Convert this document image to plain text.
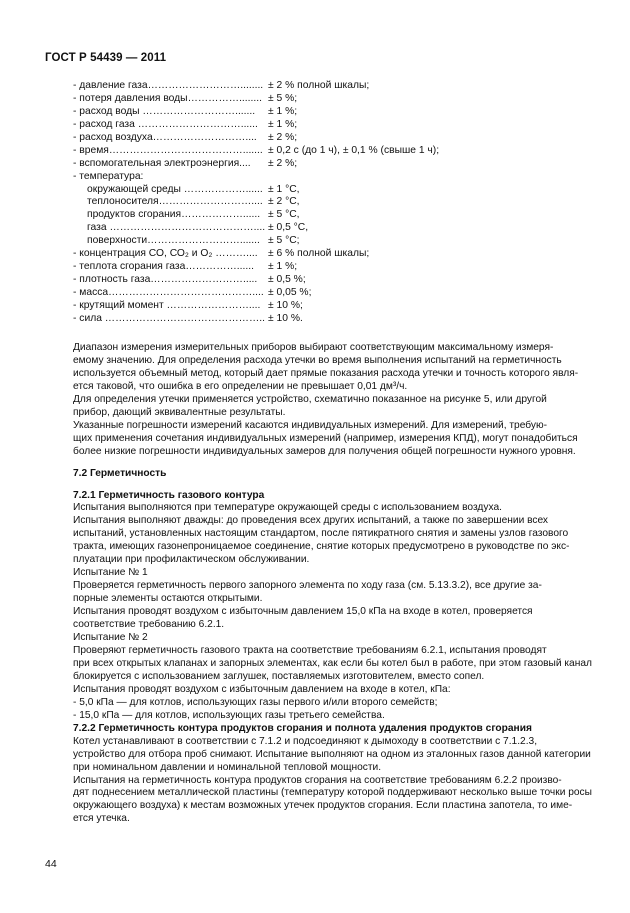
ГОСТ Р 54439 — 2011
- давление газа………………………........ ± 2 % полной шкалы;
- потеря давления воды……………........ ± 5 %;
- расход воды ………………………....... ± 1 %;
- расход газа …………………………...... ± 1 %;
- расход воздуха……………………….... ± 2 %;
- время…………………………………....... ± 0,2 с (до 1 ч), ± 0,1 % (свыше 1 ч);
- вспомогательная электроэнергия.... ± 2 %;
- температура:
окружающей среды ………………...... ± 1 °С,
теплоносителя……………………….... ± 2 °С,
продуктов сгорания………………...... ± 5 °С,
газа …………………………………….... ± 0,5 °С,
поверхности………………………....... ± 5 °С;
- концентрация СО, СО₂ и О₂ ……….... ± 6 % полной шкалы;
- теплота сгорания газа……………...... ± 1 %;
- плотность газа………………………..... ± 0,5 %;
- масса…………………………………….... ± 0,05 %;
- крутящий момент …………………….... ± 10 %;
- сила ……………………………………….. ± 10 %.
Диапазон измерения измерительных приборов выбирают соответствующим максимальному измеря-
емому значению. Для определения расхода утечки во время выполнения испытаний на герметичность
используется объемный метод, который дает прямые показания расхода утечки и точность которого явля-
ется таковой, что ошибка в его определении не превышает 0,01 дм³/ч.
Для определения утечки применяется устройство, схематично показанное на рисунке 5, или другой
прибор, дающий эквивалентные результаты.
Указанные погрешности измерений касаются индивидуальных измерений. Для измерений, требую-
щих применения сочетания индивидуальных измерений (например, измерения КПД), могут понадобиться
более низкие погрешности индивидуальных замеров для получения общей погрешности нужного уровня.
7.2 Герметичность
7.2.1 Герметичность газового контура
Испытания выполняются при температуре окружающей среды с использованием воздуха.
Испытания выполняют дважды: до проведения всех других испытаний, а также по завершении всех
испытаний, установленных настоящим стандартом, после пятикратного снятия и замены узлов газового
тракта, имеющих газонепроницаемое соединение, снятие которых предусмотрено в руководстве по экс-
плуатации при профилактическом обслуживании.
Испытание № 1
Проверяется герметичность первого запорного элемента по ходу газа (см. 5.13.3.2), все другие за-
порные элементы остаются открытыми.
Испытания проводят воздухом с избыточным давлением 15,0 кПа на входе в котел, проверяется
соответствие требованию 6.2.1.
Испытание № 2
Проверяют герметичность газового тракта на соответствие требованиям 6.2.1, испытания проводят
при всех открытых клапанах и запорных элементах, как если бы котел был в работе, при этом газовый канал
блокируется с использованием заглушек, поставляемых изготовителем, вместо сопел.
Испытания проводят воздухом с избыточным давлением на входе в котел, кПа:
- 5,0 кПа — для котлов, использующих газы первого и/или второго семейств;
- 15,0 кПа — для котлов, использующих газы третьего семейства.
7.2.2 Герметичность контура продуктов сгорания и полнота удаления продуктов сгорания
Котел устанавливают в соответствии с 7.1.2 и подсоединяют к дымоходу в соответствии с 7.1.2.3,
устройство для отбора проб снимают. Испытание выполняют на одном из эталонных газов данной категории
при номинальном давлении и номинальной тепловой мощности.
Испытания на герметичность контура продуктов сгорания на соответствие требованиям 6.2.2 произво-
дят поднесением металлической пластины (температуру которой поддерживают несколько выше точки росы
окружающего воздуха) к местам возможных утечек продуктов сгорания. Если пластина запотела, то име-
ется утечка.
44
